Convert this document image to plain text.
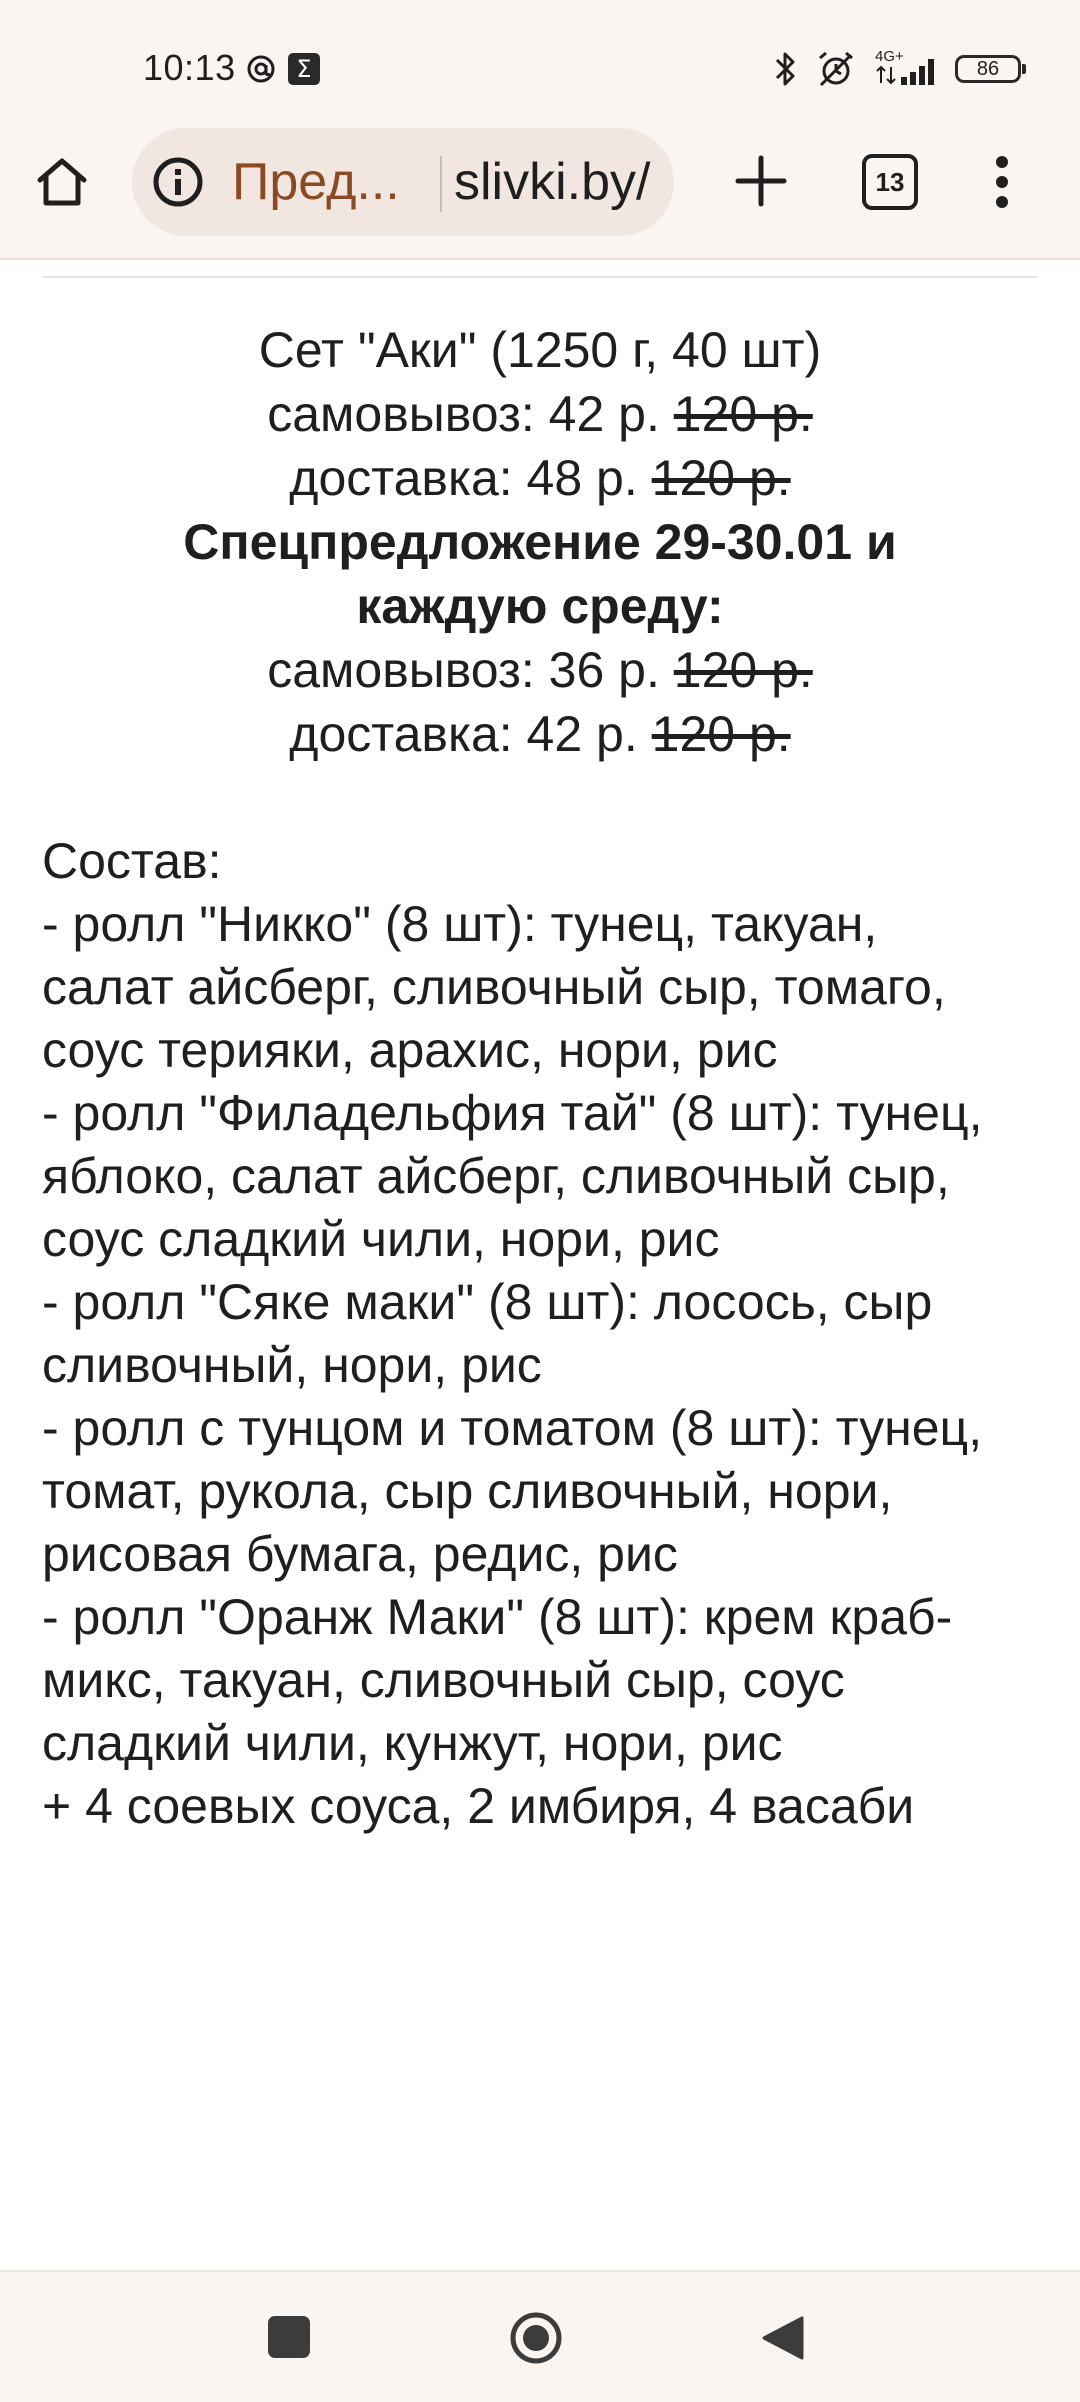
10:13	Σ	4G+
86
Пред... slivki.by/	13
Сет "Аки" (1250 г, 40 шт)
самовывоз: 42 р. 120 р.
доставка: 48 р. 120 р.
Спецпредложение 29-30.01 и
каждую среду:
самовывоз: 36 р. 120 р.
доставка: 42 р. 120 р.
Состав:
- ролл "Никко" (8 шт): тунец, такуан,
салат айсберг, сливочный сыр, томаго,
соус терияки, арахис, нори, рис
- ролл "Филадельфия тай" (8 шт): тунец,
яблоко, салат айсберг, сливочный сыр,
соус сладкий чили, нори, рис
- ролл "Сяке маки" (8 шт): лосось, сыр
сливочный, нори, рис
- ролл с тунцом и томатом (8 шт): тунец,
томат, рукола, сыр сливочный, нори,
рисовая бумага, редис, рис
- ролл "Оранж Маки" (8 шт): крем краб-
микс, такуан, сливочный сыр, соус
сладкий чили, кунжут, нори, рис
+ 4 соевых соуса, 2 имбиря, 4 васаби
